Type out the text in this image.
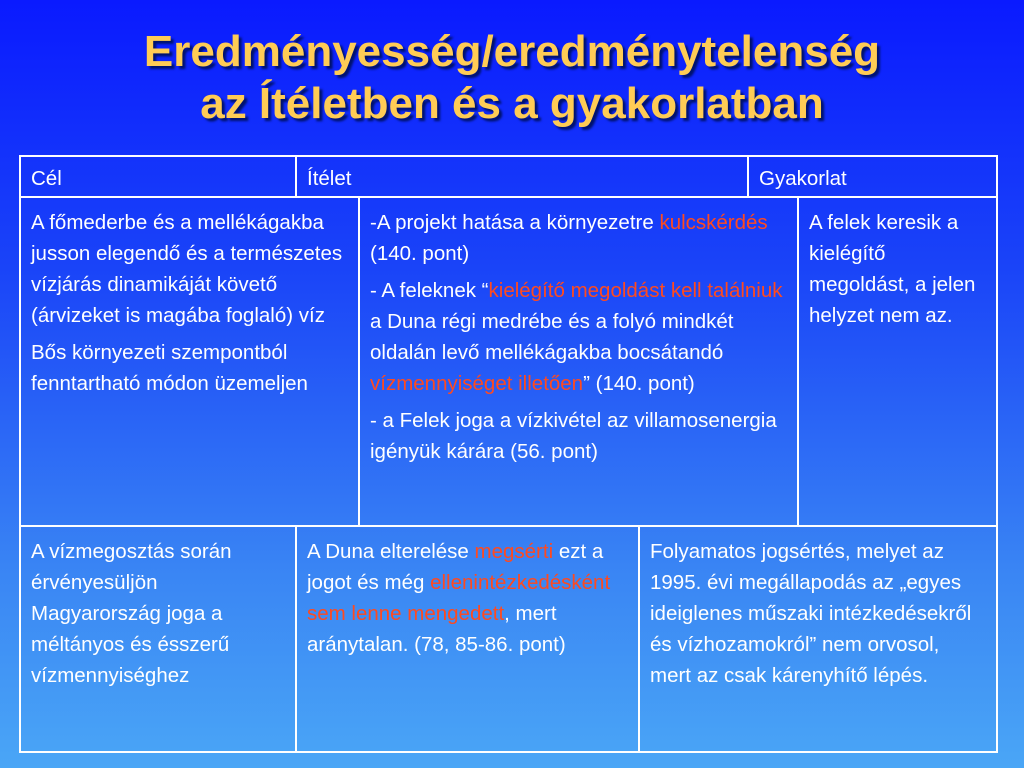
Eredményesség/eredménytelenség
az Ítéletben és a gyakorlatban
Cél	Ítélet	Gyakorlat

A főmederbe és a mellékágakba jusson elegendő és a természetes vízjárás dinamikáját követő (árvizeket is magába foglaló) víz

Bős környezeti szempontból fenntartható módon üzemeljen

-A projekt hatása a környezetre kulcskérdés (140. pont)

- A feleknek “kielégítő megoldást kell találniuk a Duna régi medrébe és a folyó mindkét oldalán levő mellékágakba bocsátandó vízmennyiséget illetően” (140. pont)

- a Felek joga a vízkivétel az villamosenergia igényük kárára (56. pont)

A felek keresik a kielégítő megoldást, a jelen helyzet nem az.
A vízmegosztás során érvényesüljön Magyarország joga a méltányos és ésszerű vízmennyiséghez
A Duna elterelése megsérti ezt a jogot és még ellenintézkedésként sem lenne mengedett, mert aránytalan. (78, 85-86. pont)
Folyamatos jogsértés, melyet az 1995. évi megállapodás az „egyes ideiglenes műszaki intézkedésekről és vízhozamokról” nem orvosol, mert az csak kárenyhítő lépés.
